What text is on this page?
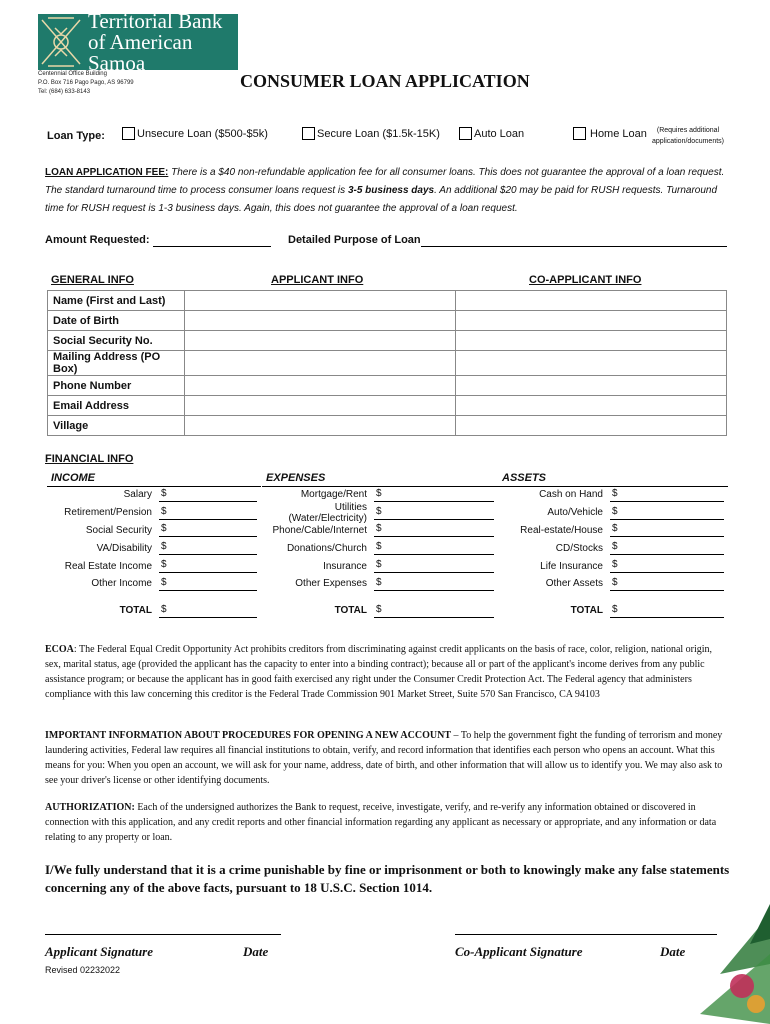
Territorial Bank
of American Samoa
Centennial Office Building
P.O. Box 716 Pago Pago, AS 96799
Tel: (684) 633-8143
CONSUMER LOAN APPLICATION
Loan Type:	Unsecure Loan ($500-$5k)	Secure Loan ($1.5k-15K)	Auto Loan	Home Loan	(Requires additional
application/documents)
LOAN APPLICATION FEE: There is a $40 non-refundable application fee for all consumer loans. This does not guarantee the approval of a loan request. The standard turnaround time to process consumer loans request is 3-5 business days. An additional $20 may be paid for RUSH requests. Turnaround time for RUSH request is 1-3 business days. Again, this does not guarantee the approval of a loan request.
Amount Requested:	Detailed Purpose of Loan
GENERAL INFO	APPLICANT INFO	CO-APPLICANT INFO
Name (First and Last)		
Date of Birth		
Social Security No.		
Mailing Address (PO Box)		
Phone Number		
Email Address		
Village		
FINANCIAL INFO
INCOME	EXPENSES	ASSETS
Salary $
Retirement/Pension $
Social Security $
VA/Disability $
Real Estate Income $
Other Income $
TOTAL $
Mortgage/Rent $
Utilities (Water/Electricity)
$
Phone/Cable/Internet $
Donations/Church $
Insurance $
Other Expenses $
TOTAL $
Cash on Hand $
Auto/Vehicle $
Real-estate/House $
CD/Stocks $
Life Insurance $
Other Assets $
TOTAL $
ECOA: The Federal Equal Credit Opportunity Act prohibits creditors from discriminating against credit applicants on the basis of race, color, religion, national origin, sex, marital status, age (provided the applicant has the capacity to enter into a binding contract); because all or part of the applicant's income derives from any public assistance program; or because the applicant has in good faith exercised any right under the Consumer Credit Protection Act. The Federal agency that administers compliance with this law concerning this creditor is the Federal Trade Commission 901 Market Street, Suite 570 San Francisco, CA 94103
IMPORTANT INFORMATION ABOUT PROCEDURES FOR OPENING A NEW ACCOUNT – To help the government fight the funding of terrorism and money laundering activities, Federal law requires all financial institutions to obtain, verify, and record information that identifies each person who opens an account. What this means for you: When you open an account, we will ask for your name, address, date of birth, and other information that will allow us to identify you. We may also ask to see your driver's license or other identifying documents.
AUTHORIZATION: Each of the undersigned authorizes the Bank to request, receive, investigate, verify, and re-verify any information obtained or discovered in connection with this application, and any credit reports and other financial information regarding any applicant as necessary or appropriate, and any information or data relating to any property or loan.
I/We fully understand that it is a crime punishable by fine or imprisonment or both to knowingly make any false statements concerning any of the above facts, pursuant to 18 U.S.C. Section 1014.
Applicant Signature	Date	Co-Applicant Signature	Date
Revised 02232022
